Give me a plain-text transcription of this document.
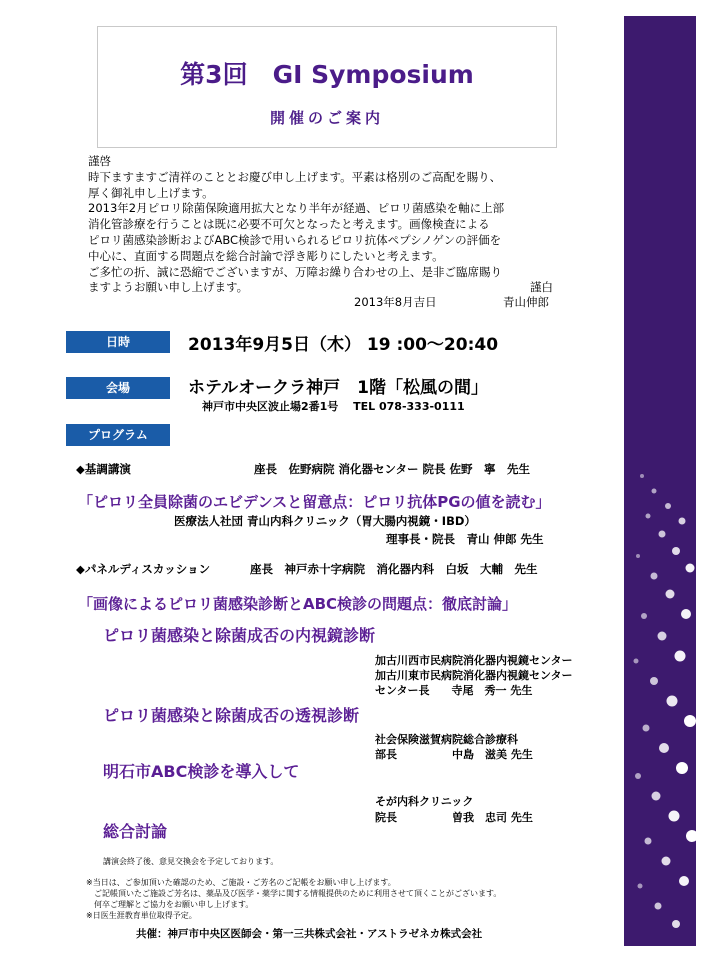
第3回　GI Symposium
開催のご案内
謹啓
時下ますますご清祥のこととお慶び申し上げます。平素は格別のご高配を賜り、
厚く御礼申し上げます。
2013年2月ピロリ除菌保険適用拡大となり半年が経過、ピロリ菌感染を軸に上部
消化管診療を行うことは既に必要不可欠となったと考えます。画像検査による
ピロリ菌感染診断およびABC検診で用いられるピロリ抗体ペプシノゲンの評価を
中心に、直面する問題点を総合討論で浮き彫りにしたいと考えます。
ご多忙の折、誠に恐縮でございますが、万障お繰り合わせの上、是非ご臨席賜り
ますようお願い申し上げます。	謹白
2013年8月吉日	青山伸郎
日時	2013年9月5日（木） 19 :00〜20:40
会場	ホテルオークラ神戸　1階「松風の間」
神戸市中央区波止場2番1号　 TEL 078-333-0111
プログラム
◆基調講演	座長　佐野病院 消化器センター 院長 佐野　寧　先生
「ピロリ全員除菌のエビデンスと留意点：ピロリ抗体PGの値を読む」
医療法人社団 青山内科クリニック（胃大腸内視鏡・IBD）
理事長・院長　青山 伸郎 先生
◆パネルディスカッション	座長　神戸赤十字病院　消化器内科　白坂　大輔　先生
「画像によるピロリ菌感染診断とABC検診の問題点：徹底討論」
ピロリ菌感染と除菌成否の内視鏡診断
加古川西市民病院消化器内視鏡センター
加古川東市民病院消化器内視鏡センター
センター長　　寺尾　秀一 先生
ピロリ菌感染と除菌成否の透視診断
社会保険滋賀病院総合診療科
部長　　　　　中島　滋美 先生
明石市ABC検診を導入して
そが内科クリニック
院長　　　　　曽我　忠司 先生
総合討論
講演会終了後、意見交換会を予定しております。
※当日は、ご参加頂いた確認のため、ご施設・ご芳名のご記帳をお願い申し上げます。
　ご記帳頂いたご施設ご芳名は、薬品及び医学・薬学に関する情報提供のために利用させて頂くことがございます。
　何卒ご理解とご協力をお願い申し上げます。
※日医生涯教育単位取得予定。
共催：神戸市中央区医師会・第一三共株式会社・アストラゼネカ株式会社
